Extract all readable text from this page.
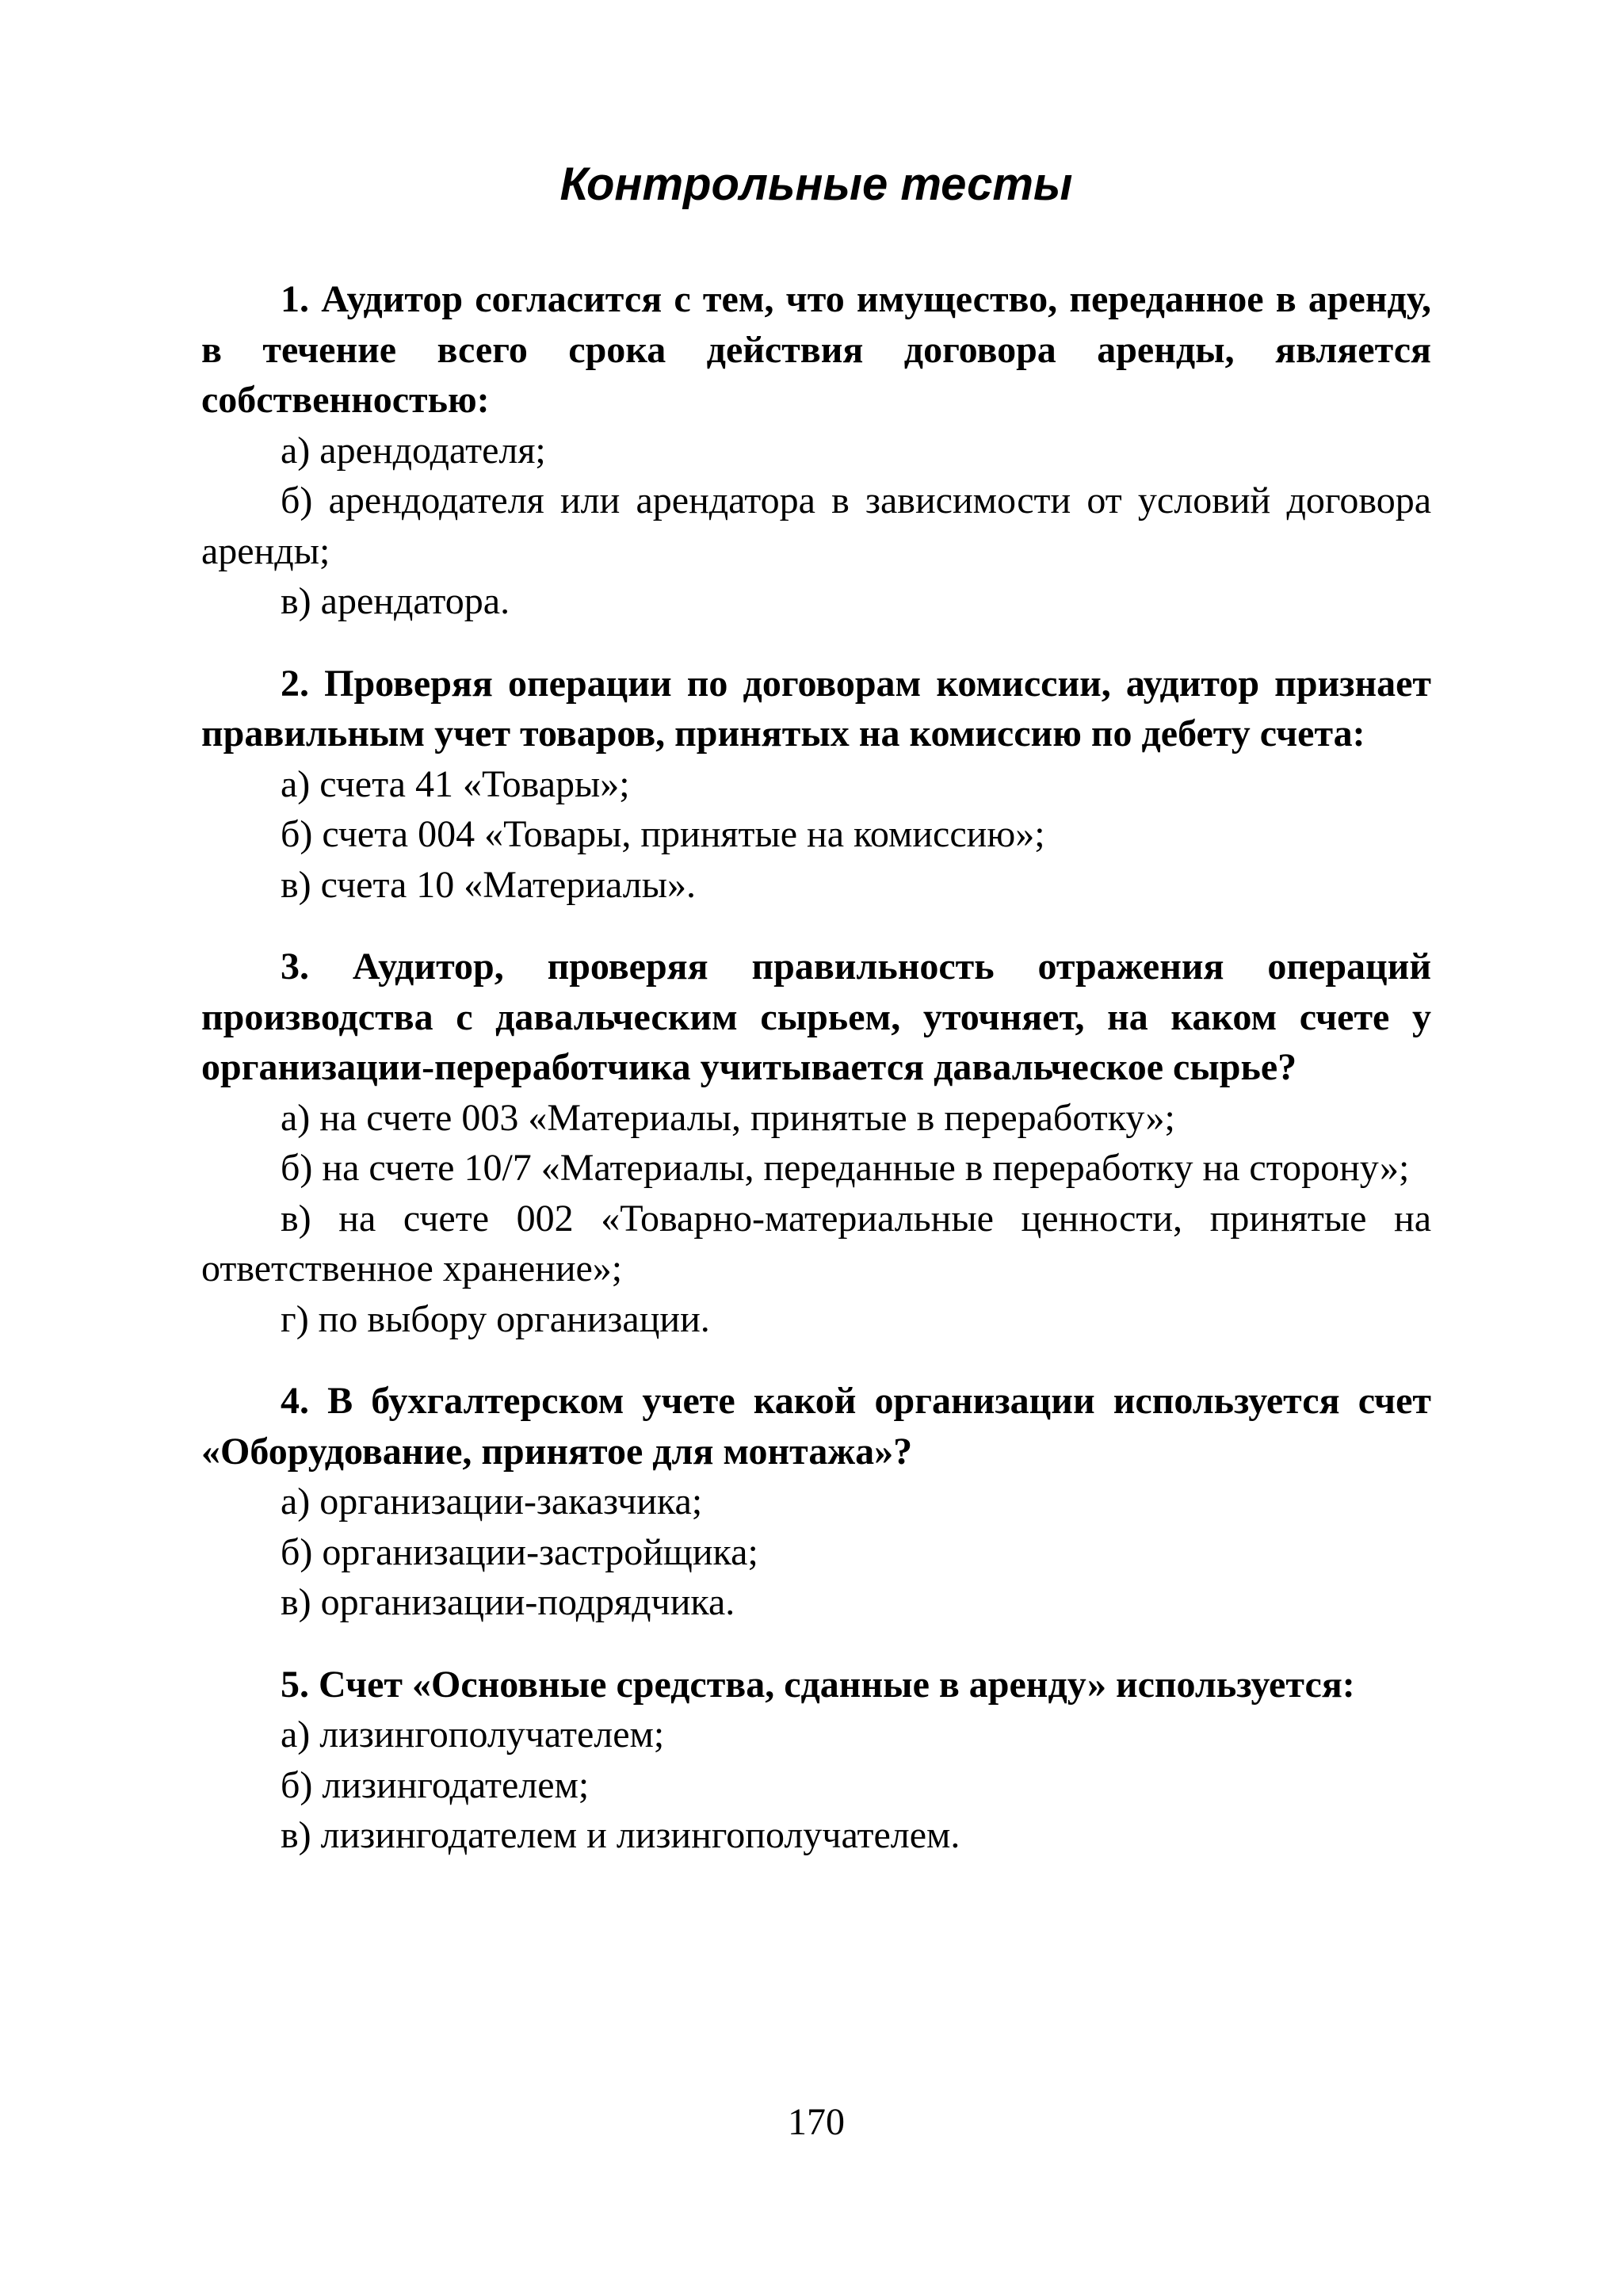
Контрольные тесты

1. Аудитор согласится с тем, что имущество, переданное в аренду, в течение всего срока действия договора аренды, является собственностью:

а) арендодателя;

б) арендодателя или арендатора в зависимости от условий договора аренды;

в) арендатора.

2. Проверяя операции по договорам комиссии, аудитор признает правильным учет товаров, принятых на комиссию по дебету счета:

а) счета 41 «Товары»;

б) счета 004 «Товары, принятые на комиссию»;

в) счета 10 «Материалы».

3. Аудитор, проверяя правильность отражения операций производства с давальческим сырьем, уточняет, на каком счете у организации-переработчика учитывается давальческое сырье?

а) на счете 003 «Материалы, принятые в переработку»;

б) на счете 10/7 «Материалы, переданные в переработку на сторону»;

в) на счете 002 «Товарно-материальные ценности, принятые на ответственное хранение»;

г) по выбору организации.

4. В бухгалтерском учете какой организации используется счет «Оборудование, принятое для монтажа»?

а) организации-заказчика;

б) организации-застройщика;

в) организации-подрядчика.

5. Счет «Основные средства, сданные в аренду» используется:

а) лизингополучателем;

б) лизингодателем;

в) лизингодателем и лизингополучателем.

170
